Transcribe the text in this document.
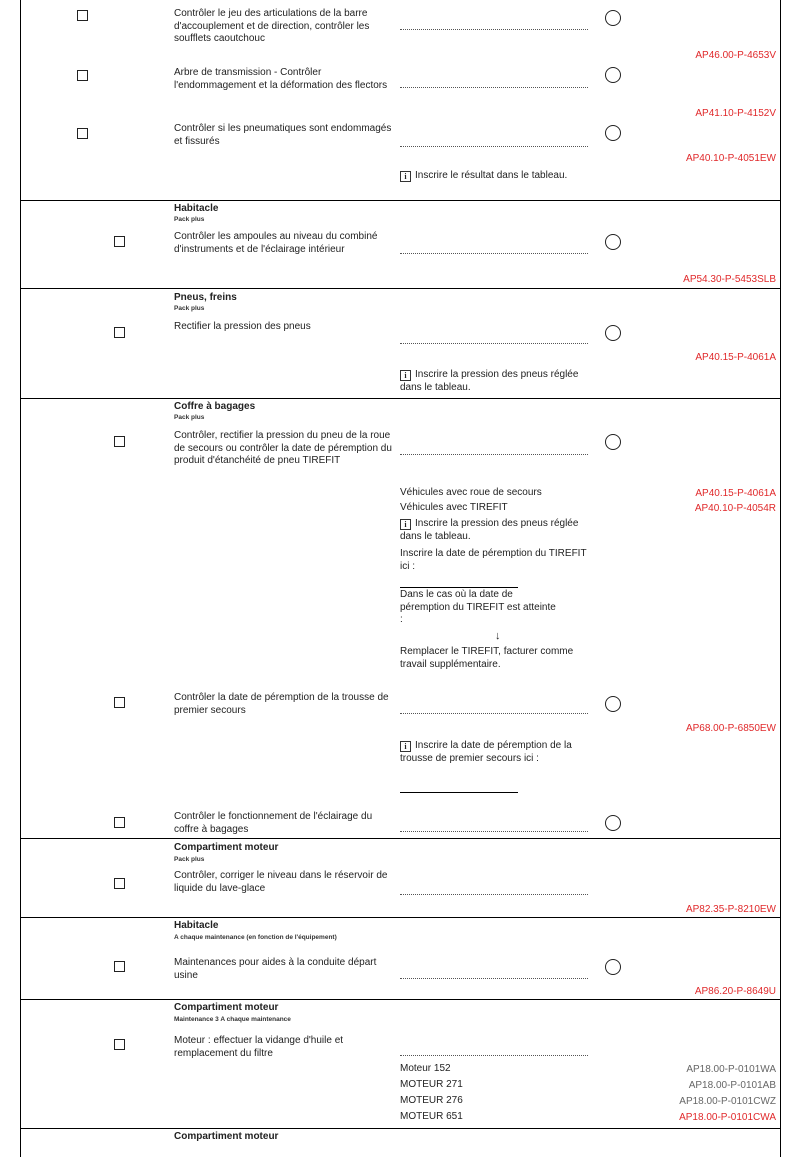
Contrôler le jeu des articulations de la barre d'accouplement et de direction, contrôler les soufflets caoutchouc
AP46.00-P-4653V
Arbre de transmission - Contrôler l'endommagement et la déformation des flectors
AP41.10-P-4152V
Contrôler si les pneumatiques sont endommagés et fissurés
AP40.10-P-4051EW
i Inscrire le résultat dans le tableau.
Habitacle
Pack plus
Contrôler les ampoules au niveau du combiné d'instruments et de l'éclairage intérieur
AP54.30-P-5453SLB
Pneus, freins
Pack plus
Rectifier la pression des pneus
AP40.15-P-4061A
i Inscrire la pression des pneus réglée dans le tableau.
Coffre à bagages
Pack plus
Contrôler, rectifier la pression du pneu de la roue de secours ou contrôler la date de péremption du produit d'étanchéité de pneu TIREFIT
Véhicules avec roue de secours	AP40.15-P-4061A
Véhicules avec TIREFIT	AP40.10-P-4054R
i Inscrire la pression des pneus réglée dans le tableau.
Inscrire la date de péremption du TIREFIT ici :
Dans le cas où la date de péremption du TIREFIT est atteinte :
↓
Remplacer le TIREFIT, facturer comme travail supplémentaire.
Contrôler la date de péremption de la trousse de premier secours
AP68.00-P-6850EW
i Inscrire la date de péremption de la trousse de premier secours ici :
Contrôler le fonctionnement de l'éclairage du coffre à bagages
Compartiment moteur
Pack plus
Contrôler, corriger le niveau dans le réservoir de liquide du lave-glace
AP82.35-P-8210EW
Habitacle
A chaque maintenance (en fonction de l'équipement)
Maintenances pour aides à la conduite départ usine
AP86.20-P-8649U
Compartiment moteur
Maintenance 3 A chaque maintenance
Moteur : effectuer la vidange d'huile et remplacement du filtre
Moteur 152	AP18.00-P-0101WA
MOTEUR 271	AP18.00-P-0101AB
MOTEUR 276	AP18.00-P-0101CWZ
MOTEUR 651	AP18.00-P-0101CWA
Compartiment moteur
